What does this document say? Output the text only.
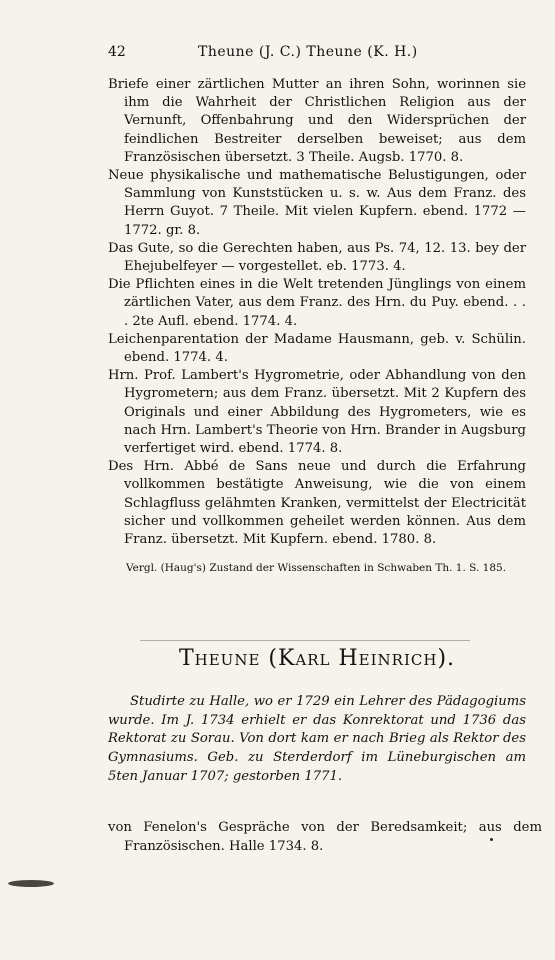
42	Theune (J. C.) Theune (K. H.)

Briefe einer zärtlichen Mutter an ihren Sohn, worinnen sie ihm die Wahrheit der Christlichen Religion aus der Vernunft, Offenbahrung und den Widersprüchen der feindlichen Bestreiter derselben beweiset; aus dem Französischen übersetzt. 3 Theile. Augsb. 1770. 8.

Neue physikalische und mathematische Belustigungen, oder Sammlung von Kunststücken u. s. w. Aus dem Franz. des Herrn Guyot. 7 Theile. Mit vielen Kupfern. ebend. 1772 — 1772. gr. 8.

Das Gute, so die Gerechten haben, aus Ps. 74, 12. 13. bey der Ehejubelfeyer — vorgestellet. eb. 1773. 4.

Die Pflichten eines in die Welt tretenden Jünglings von einem zärtlichen Vater, aus dem Franz. des Hrn. du Puy. ebend. . . . 2te Aufl. ebend. 1774. 4.

Leichenparentation der Madame Hausmann, geb. v. Schülin. ebend. 1774. 4.

Hrn. Prof. Lambert's Hygrometrie, oder Abhandlung von den Hygrometern; aus dem Franz. übersetzt. Mit 2 Kupfern des Originals und einer Abbildung des Hygrometers, wie es nach Hrn. Lambert's Theorie von Hrn. Brander in Augsburg verfertiget wird. ebend. 1774. 8.

Des Hrn. Abbé de Sans neue und durch die Erfahrung vollkommen bestätigte Anweisung, wie die von einem Schlagfluss gelähmten Kranken, vermittelst der Electricität sicher und vollkommen geheilet werden können. Aus dem Franz. übersetzt. Mit Kupfern. ebend. 1780. 8.

Vergl. (Haug's) Zustand der Wissenschaften in Schwaben Th. 1. S. 185.

Theune (Karl Heinrich).

Studirte zu Halle, wo er 1729 ein Lehrer des Pädagogiums wurde. Im J. 1734 erhielt er das Konrektorat und 1736 das Rektorat zu Sorau. Von dort kam er nach Brieg als Rektor des Gymnasiums. Geb. zu Sterderdorf im Lüneburgischen am 5ten Januar 1707; gestorben 1771.

von Fenelon's Gespräche von der Beredsamkeit; aus dem Französischen. Halle 1734. 8.
